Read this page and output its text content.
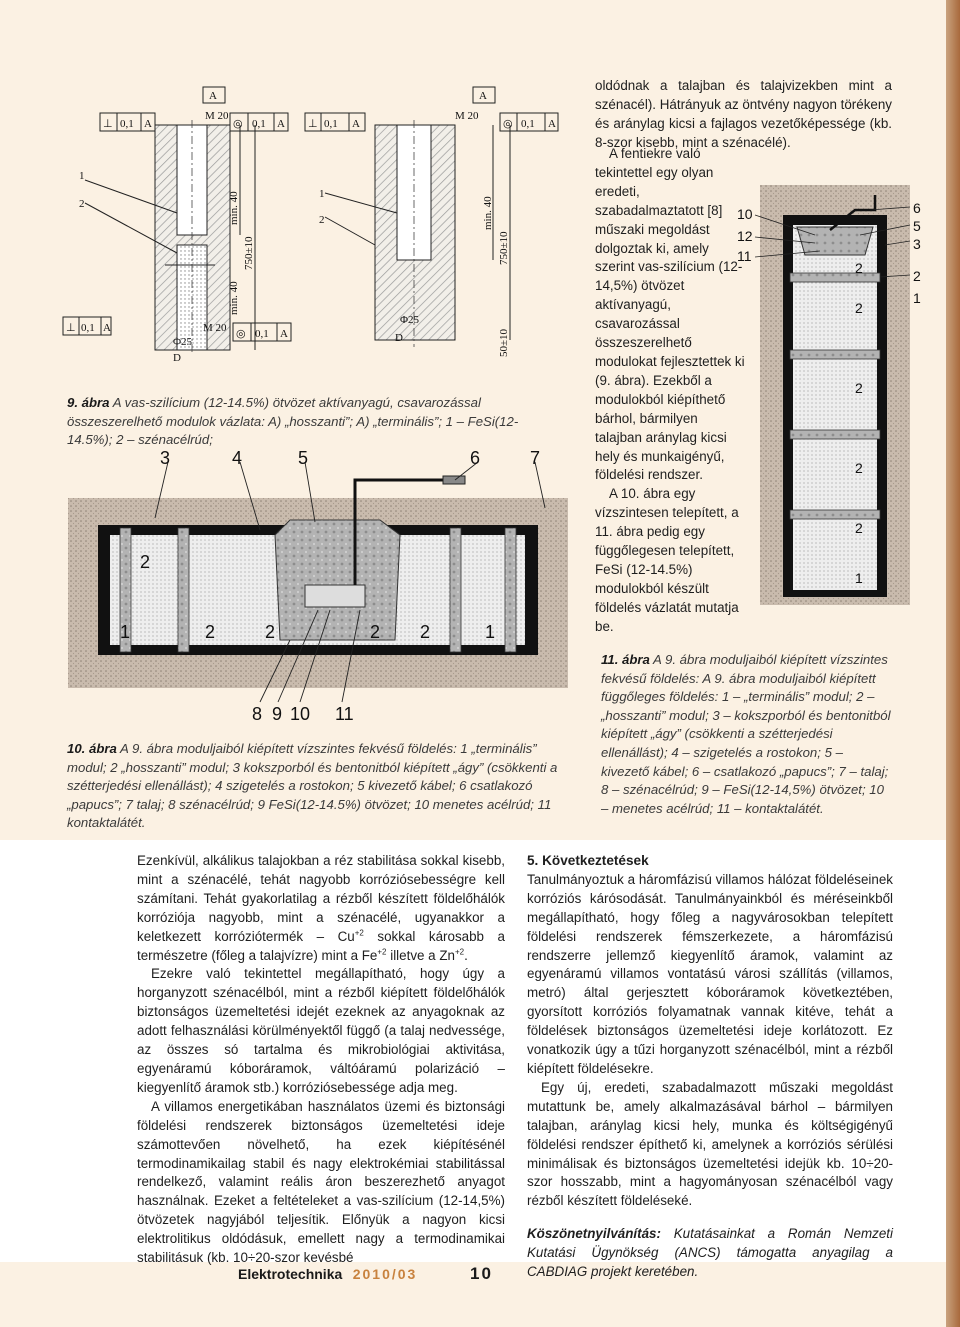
⊥ 0,1 A	◎ 0,1 A
A
M 20
⊥ 0,1 A	◎ 0,1 A
M 20
Φ25
D
1
2
1
2
⊥ 0,1 A	◎ 0,1 A
A
M 20
Φ25
D
min. 40
min. 40
750±10
min. 40
750±10
50±10
9. ábra A vas-szilícium (12-14.5%) ötvözet aktívanyagú, csavarozással összeszerelhető modulok vázlata: A) „hosszanti”; A) „terminális”; 1 – FeSi(12-14.5%); 2 – szénacélrúd;
3	4	5	6	7
8 9 10 11
1
2
2	2	2 2	1
10. ábra A 9. ábra moduljaiból kiépített vízszintes fekvésű földelés: 1 „terminális” modul; 2 „hosszanti” modul; 3 kokszporból és bentonitból kiépített „ágy” (csökkenti a szétterjedési ellenállást); 4 szigetelés a rostokon; 5 kivezető kábel; 6 csatlakozó „papucs”; 7 talaj; 8 szénacélrúd; 9 FeSi(12-14.5%) ötvözet; 10 menetes acélrúd; 11 kontaktalátét.

oldódnak a talajban és talajvizekben mint a szénacél). Hátrányuk az öntvény nagyon törékeny és aránylag kicsi a fajlagos vezetőképessége (kb. 8-szor kisebb, mint a szénacélé).

A fentiekre való tekintettel egy olyan eredeti, szabadalmaztatott [8] műszaki megoldást dolgoztak ki, amely szerint vas-szilícium (12-14,5%) ötvözet aktívanyagú, csavarozással összeszerelhető modulokat fejlesztettek ki (9. ábra). Ezekből a modulokból kiépíthető bárhol, bármilyen talajban aránylag kicsi hely és munkaigényű, földelési rendszer.

A 10. ábra egy vízszintesen telepített, a 11. ábra pedig egy függőlegesen telepített, FeSi (12-14.5%) modulokból készült földelés vázlatát mutatja be.

10
12
11
6
5
3
2
1
2
2
2
2
2
1
11. ábra A 9. ábra moduljaiból kiépített vízszintes fekvésű földelés: A 9. ábra moduljaiból kiépített függőleges földelés: 1 – „terminális” modul; 2 – „hosszanti” modul; 3 – kokszporból és bentonitból kiépített „ágy” (csökkenti a szétterjedési ellenállást); 4 – szigetelés a rostokon; 5 – kivezető kábel; 6 – csatlakozó „papucs”; 7 – talaj; 8 – szénacélrúd; 9 – FeSi(12-14,5%) ötvözet; 10 – menetes acélrúd; 11 – kontaktalátét.

Ezenkívül, alkálikus talajokban a réz stabilitása sokkal kisebb, mint a szénacélé, tehát nagyobb korróziósebességre kell számítani. Tehát gyakorlatilag a rézből készített földelőhálók korróziója nagyobb, mint a szénacélé, ugyanakkor a keletkezett korróziótermék – $Cu^{+2}$ sokkal károsabb a természetre (főleg a talajvízre) mint a $Fe^{+2}$ illetve a $Zn^{+2}$.

Ezekre való tekintettel megállapítható, hogy úgy a horganyzott szénacélból, mint a rézből kiépített földelőhálók biztonságos üzemeltetési idejét ezeknek az anyagoknak az adott felhasználási körülményektől függő (a talaj nedvessége, az összes só tartalma és mikrobiológiai aktivitása, egyenáramú kóboráramok, váltóáramú polarizáció – kiegyenlítő áramok stb.) korróziósebessége adja meg.

A villamos energetikában használatos üzemi és biztonsági földelési rendszerek biztonságos üzemeltetési ideje számottevően növelhető, ha ezek kiépítésénél termodinamikailag stabil és nagy elektrokémiai stabilitással rendelkező, valamint reális áron beszerezhető anyagot használnak. Ezeket a feltételeket a vas-szilícium (12-14,5%) ötvözetek nagyjából teljesítik. Előnyük a nagyon kicsi elektrolitikus oldódásuk, emellett nagy a termodinamikai stabilitásuk (kb. 10÷20-szor kevésbé

5. Következtetések

Tanulmányoztuk a háromfázisú villamos hálózat földeléseinek korróziós kárósodását. Tanulmányainkból és méréseinkből megállapítható, hogy főleg a nagyvárosokban telepített földelési rendszerek fémszerkezete, a háromfázisú rendszerre jellemző kiegyenlítő áramok, valamint az egyenáramú villamos vontatású városi szállítás (villamos, metró) által gerjesztett kóboráramok következtében, gyorsított korróziós folyamatnak vannak kitéve, tehát a földelések biztonságos üzemeltetési ideje korlátozott. Ez vonatkozik úgy a tűzi horganyzott szénacélból, mint a rézből kiépített földelésekre.

Egy új, eredeti, szabadalmazott műszaki megoldást mutattunk be, amely alkalmazásával bárhol – bármilyen talajban, aránylag kicsi hely, munka és költségigényű földelési rendszer építhető ki, amelynek a korróziós sérülési minimálisak és biztonságos üzemeltetési idejük kb. 10÷20-szor hosszabb, mint a hagyományosan szénacélból vagy rézből készített földeléseké.

Köszönetnyilvánítás: Kutatásainkat a Román Nemzeti Kutatási Ügynökség (ANCS) támogatta anyagilag a CABDIAG projekt keretében.

Elektrotechnika 2010/03	10
